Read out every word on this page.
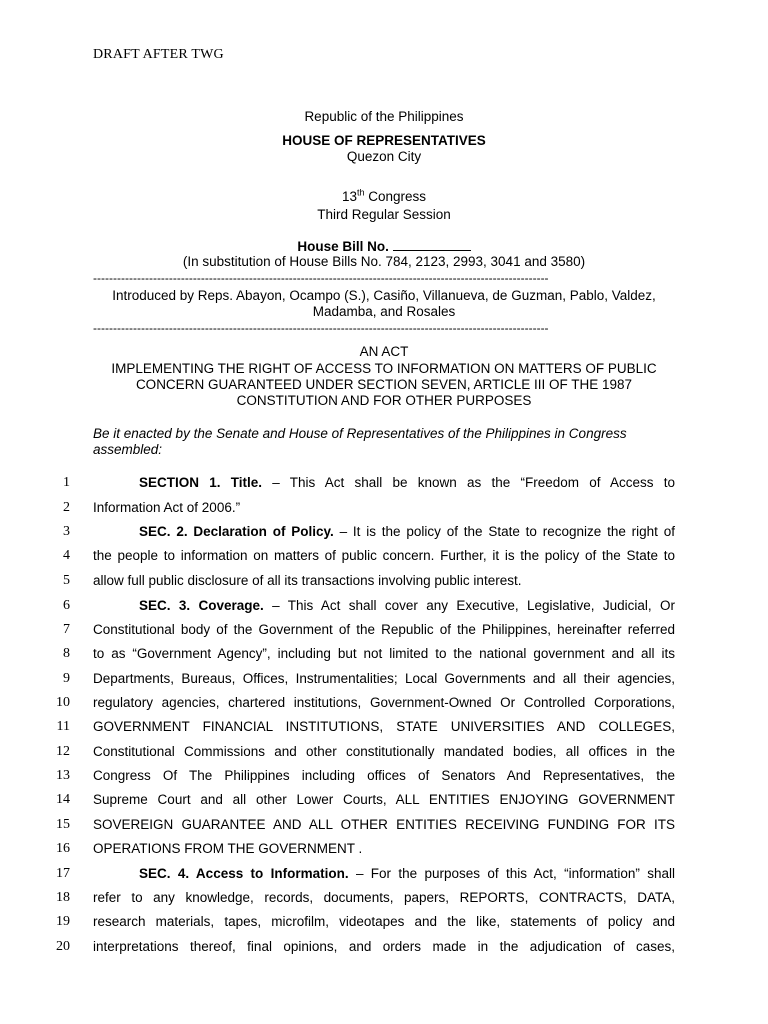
DRAFT AFTER TWG
Republic of the Philippines
HOUSE OF REPRESENTATIVES
Quezon City
13th Congress
Third Regular Session
House Bill No.
(In substitution of House Bills No. 784, 2123, 2993, 3041 and 3580)
------------------------------------------------------------------------------------------------------------------
Introduced by Reps. Abayon, Ocampo (S.), Casiño, Villanueva, de Guzman, Pablo, Valdez,
Madamba, and Rosales
------------------------------------------------------------------------------------------------------------------
AN ACT
IMPLEMENTING THE RIGHT OF ACCESS TO INFORMATION ON MATTERS OF PUBLIC
CONCERN GUARANTEED UNDER SECTION SEVEN, ARTICLE III OF THE 1987
CONSTITUTION AND FOR OTHER PURPOSES
Be it enacted by the Senate and House of Representatives of the Philippines in Congress assembled:
1
2
3
4
5
6
7
8
9
10
11
12
13
14
15
16
17
18
19
20
SECTION 1. Title. – This Act shall be known as the “Freedom of Access to
Information Act of 2006.”
SEC. 2. Declaration of Policy. – It is the policy of the State to recognize the right of
the people to information on matters of public concern. Further, it is the policy of the State to
allow full public disclosure of all its transactions involving public interest.
SEC. 3. Coverage. – This Act shall cover any Executive, Legislative, Judicial, Or
Constitutional body of the Government of the Republic of the Philippines, hereinafter referred
to as “Government Agency”, including but not limited to the national government and all its
Departments, Bureaus, Offices, Instrumentalities; Local Governments and all their agencies,
regulatory agencies, chartered institutions, Government-Owned Or Controlled Corporations,
GOVERNMENT FINANCIAL INSTITUTIONS, STATE UNIVERSITIES AND COLLEGES,
Constitutional Commissions and other constitutionally mandated bodies, all offices in the
Congress Of The Philippines including offices of Senators And Representatives, the
Supreme Court and all other Lower Courts, ALL ENTITIES ENJOYING GOVERNMENT
SOVEREIGN GUARANTEE AND ALL OTHER ENTITIES RECEIVING FUNDING FOR ITS
OPERATIONS FROM THE GOVERNMENT .
SEC. 4. Access to Information. – For the purposes of this Act, “information” shall
refer to any knowledge, records, documents, papers, REPORTS, CONTRACTS, DATA,
research materials, tapes, microfilm, videotapes and the like, statements of policy and
interpretations thereof, final opinions, and orders made in the adjudication of cases,
